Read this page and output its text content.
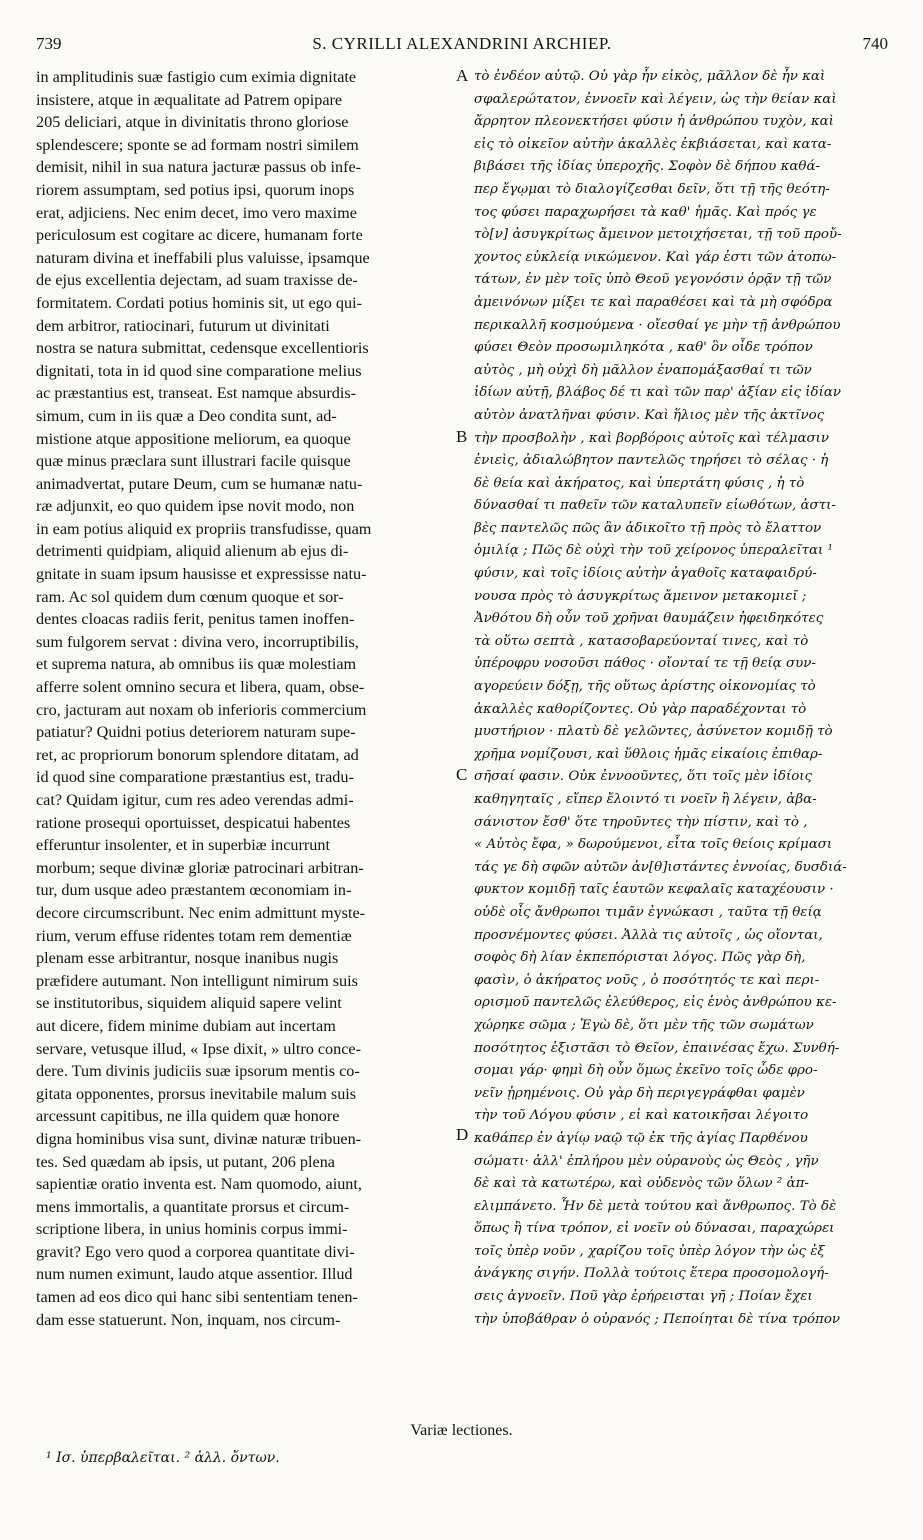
739	S. CYRILLI ALEXANDRINI ARCHIEP.	740
in amplitudinis suæ fastigio cum eximia dignitate
insistere, atque in æqualitate ad Patrem opipare
205 deliciari, atque in divinitatis throno gloriose
splendescere; sponte se ad formam nostri similem
demisit, nihil in sua natura jacturæ passus ob infe-
riorem assumptam, sed potius ipsi, quorum inops
erat, adjiciens. Nec enim decet, imo vero maxime
periculosum est cogitare ac dicere, humanam forte
naturam divina et ineffabili plus valuisse, ipsamque
de ejus excellentia dejectam, ad suam traxisse de-
formitatem. Cordati potius hominis sit, ut ego qui-
dem arbitror, ratiocinari, futurum ut divinitati
nostra se natura submittat, cedensque excellentioris
dignitati, tota in id quod sine comparatione melius
ac præstantius est, transeat. Est namque absurdis-
simum, cum in iis quæ a Deo condita sunt, ad-
mistione atque appositione meliorum, ea quoque
quæ minus præclara sunt illustrari facile quisque
animadvertat, putare Deum, cum se humanæ natu-
ræ adjunxit, eo quo quidem ipse novit modo, non
in eam potius aliquid ex propriis transfudisse, quam
detrimenti quidpiam, aliquid alienum ab ejus di-
gnitate in suam ipsum hausisse et expressisse natu-
ram. Ac sol quidem dum cœnum quoque et sor-
dentes cloacas radiis ferit, penitus tamen inoffen-
sum fulgorem servat : divina vero, incorruptibilis,
et suprema natura, ab omnibus iis quæ molestiam
afferre solent omnino secura et libera, quam, obse-
cro, jacturam aut noxam ob inferioris commercium
patiatur? Quidni potius deteriorem naturam supe-
ret, ac propriorum bonorum splendore ditatam, ad
id quod sine comparatione præstantius est, tradu-
cat? Quidam igitur, cum res adeo verendas admi-
ratione prosequi oportuisset, despicatui habentes
efferuntur insolenter, et in superbiæ incurrunt
morbum; seque divinæ gloriæ patrocinari arbitran-
tur, dum usque adeo præstantem œconomiam in-
decore circumscribunt. Nec enim admittunt myste-
rium, verum effuse ridentes totam rem dementiæ
plenam esse arbitrantur, nosque inanibus nugis
præfidere autumant. Non intelligunt nimirum suis
se institutoribus, siquidem aliquid sapere velint
aut dicere, fidem minime dubiam aut incertam
servare, vetusque illud, « Ipse dixit, » ultro conce-
dere. Tum divinis judiciis suæ ipsorum mentis co-
gitata opponentes, prorsus inevitabile malum suis
arcessunt capitibus, ne illa quidem quæ honore
digna hominibus visa sunt, divinæ naturæ tribuen-
tes. Sed quædam ab ipsis, ut putant, 206 plena
sapientiæ oratio inventa est. Nam quomodo, aiunt,
mens immortalis, a quantitate prorsus et circum-
scriptione libera, in unius hominis corpus immi-
gravit? Ego vero quod a corporea quantitate divi-
num numen eximunt, laudo atque assentior. Illud
tamen ad eos dico qui hanc sibi sententiam tenen-
dam esse statuerunt. Non, inquam, nos circum-
τὸ ἐνδέον αὐτῷ. Οὐ γὰρ ἦν εἰκὸς, μᾶλλον δὲ ἦν καὶ
σφαλερώτατον, ἐννοεῖν καὶ λέγειν, ὡς τὴν θείαν καὶ
ἄρρητον πλεονεκτήσει φύσιν ἡ ἀνθρώπου τυχὸν, καὶ
εἰς τὸ οἰκεῖον αὐτὴν ἀκαλλὲς ἐκβιάσεται, καὶ κατα-
βιβάσει τῆς ἰδίας ὑπεροχῆς. Σοφὸν δὲ δήπου καθά-
περ ἔγῳμαι τὸ διαλογίζεσθαι δεῖν, ὅτι τῇ τῆς θεότη-
τος φύσει παραχωρήσει τὰ καθ' ἡμᾶς. Καὶ πρός γε
τὸ[ν] ἀσυγκρίτως ἄμεινον μετοιχήσεται, τῇ τοῦ προὔ-
χοντος εὐκλείᾳ νικώμενον. Καὶ γάρ ἐστι τῶν ἀτοπω-
τάτων, ἐν μὲν τοῖς ὑπὸ Θεοῦ γεγονόσιν ὁρᾷν τῇ τῶν
ἀμεινόνων μίξει τε καὶ παραθέσει καὶ τὰ μὴ σφόδρα
περικαλλῆ κοσμούμενα · οἴεσθαί γε μὴν τῇ ἀνθρώπου
φύσει Θεὸν προσωμιληκότα , καθ' ὃν οἶδε τρόπον
αὐτὸς , μὴ οὐχὶ δὴ μᾶλλον ἐναπομάξασθαί τι τῶν
ἰδίων αὐτῇ, βλάβος δέ τι καὶ τῶν παρ' ἀξίαν εἰς ἰδίαν
αὐτὸν ἀνατλῆναι φύσιν. Καὶ ἥλιος μὲν τῆς ἀκτῖνος
τὴν προσβολὴν , καὶ βορβόροις αὐτοῖς καὶ τέλμασιν
ἐνιεὶς, ἀδιαλώβητον παντελῶς τηρήσει τὸ σέλας · ἡ
δὲ θεία καὶ ἀκήρατος, καὶ ὑπερτάτη φύσις , ἡ τὸ
δύνασθαί τι παθεῖν τῶν καταλυπεῖν εἰωθότων, ἀστι-
βὲς παντελῶς πῶς ἂν ἀδικοῖτο τῇ πρὸς τὸ ἔλαττον
ὁμιλίᾳ ; Πῶς δὲ οὐχὶ τὴν τοῦ χείρονος ὑπεραλεῖται ¹
φύσιν, καὶ τοῖς ἰδίοις αὐτὴν ἀγαθοῖς καταφαιδρύ-
νουσα πρὸς τὸ ἀσυγκρίτως ἄμεινον μετακομιεῖ ;
Ἀνθότου δὴ οὖν τοῦ χρῆναι θαυμάζειν ἠφειδηκότες
τὰ οὕτω σεπτὰ , κατασοβαρεύονταί τινες, καὶ τὸ
ὑπέροφρυ νοσοῦσι πάθος · οἴονταί τε τῇ θείᾳ συν-
αγορεύειν δόξῃ, τῆς οὕτως ἀρίστης οἰκονομίας τὸ
ἀκαλλὲς καθορίζοντες. Οὐ γὰρ παραδέχονται τὸ
μυστήριον · πλατὺ δὲ γελῶντες, ἀσύνετον κομιδῇ τὸ
χρῆμα νομίζουσι, καὶ ὕθλοις ἡμᾶς εἰκαίοις ἐπιθαρ-
σῆσαί φασιν. Οὐκ ἐννοοῦντες, ὅτι τοῖς μὲν ἰδίοις
καθηγηταῖς , εἴπερ ἔλοιντό τι νοεῖν ἢ λέγειν, ἀβα-
σάνιστον ἔσθ' ὅτε τηροῦντες τὴν πίστιν, καὶ τὸ ,
« Αὐτὸς ἔφα, » δωρούμενοι, εἶτα τοῖς θείοις κρίμασι
τάς γε δὴ σφῶν αὐτῶν ἀν[θ]ιστάντες ἐννοίας, δυσδιά-
φυκτον κομιδῇ ταῖς ἑαυτῶν κεφαλαῖς καταχέουσιν ·
οὐδὲ οἷς ἄνθρωποι τιμᾶν ἐγνώκασι , ταῦτα τῇ θείᾳ
προσνέμοντες φύσει. Ἀλλὰ τις αὐτοῖς , ὡς οἴονται,
σοφὸς δὴ λίαν ἐκπεπόρισται λόγος. Πῶς γὰρ δὴ,
φασὶν, ὁ ἀκήρατος νοῦς , ὁ ποσότητός τε καὶ περι-
ορισμοῦ παντελῶς ἐλεύθερος, εἰς ἑνὸς ἀνθρώπου κε-
χώρηκε σῶμα ; Ἐγὼ δὲ, ὅτι μὲν τῆς τῶν σωμάτων
ποσότητος ἐξιστᾶσι τὸ Θεῖον, ἐπαινέσας ἔχω. Συνθή-
σομαι γάρ· φημὶ δὴ οὖν ὅμως ἐκεῖνο τοῖς ὧδε φρο-
νεῖν ᾐρημένοις. Οὐ γὰρ δὴ περιγεγράφθαι φαμὲν
τὴν τοῦ Λόγου φύσιν , εἰ καὶ κατοικῆσαι λέγοιτο
καθάπερ ἐν ἁγίῳ ναῷ τῷ ἐκ τῆς ἁγίας Παρθένου
σώματι· ἀλλ' ἐπλήρου μὲν οὐρανοὺς ὡς Θεὸς , γῆν
δὲ καὶ τὰ κατωτέρω, καὶ οὐδενὸς τῶν ὅλων ² ἀπ-
ελιμπάνετο. Ἦν δὲ μετὰ τούτου καὶ ἄνθρωπος. Τὸ δὲ
ὅπως ἢ τίνα τρόπον, εἰ νοεῖν οὐ δύνασαι, παραχώρει
τοῖς ὑπὲρ νοῦν , χαρίζου τοῖς ὑπὲρ λόγον τὴν ὡς ἐξ
ἀνάγκης σιγήν. Πολλὰ τούτοις ἕτερα προσομολογή-
σεις ἀγνοεῖν. Ποῦ γὰρ ἐρήρεισται γῆ ; Ποίαν ἔχει
τὴν ὑποβάθραν ὁ οὐρανός ; Πεποίηται δὲ τίνα τρόπον
A
B
C
D
Variæ lectiones.
¹ Ισ. ὑπερβαλεῖται. ² ἀλλ. ὄντων.
